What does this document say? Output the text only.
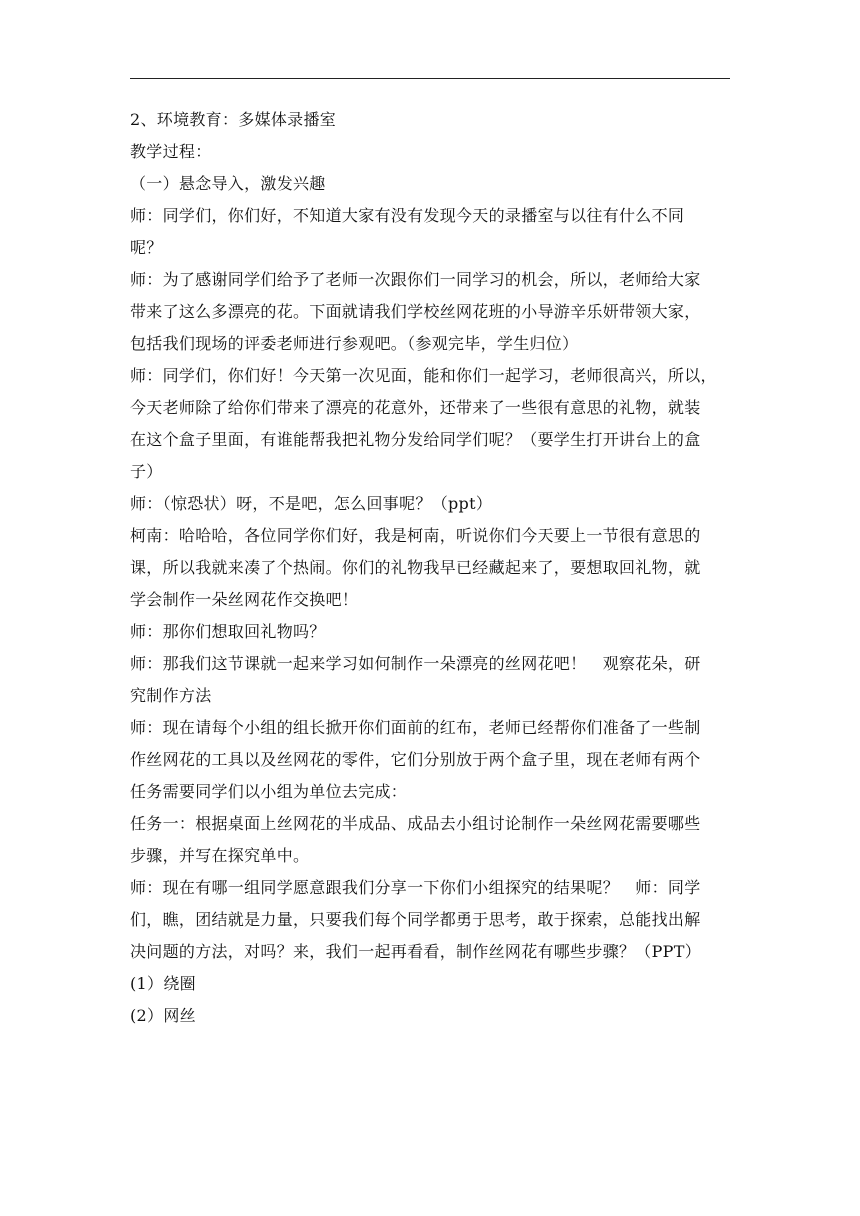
2、环境教育：多媒体录播室
教学过程：
（一）悬念导入，激发兴趣
师：同学们，你们好，不知道大家有没有发现今天的录播室与以往有什么不同
呢？
师：为了感谢同学们给予了老师一次跟你们一同学习的机会，所以，老师给大家
带来了这么多漂亮的花。下面就请我们学校丝网花班的小导游辛乐妍带领大家，
包括我们现场的评委老师进行参观吧。（参观完毕，学生归位）
师：同学们，你们好！今天第一次见面，能和你们一起学习，老师很高兴，所以，
今天老师除了给你们带来了漂亮的花意外，还带来了一些很有意思的礼物，就装
在这个盒子里面，有谁能帮我把礼物分发给同学们呢？（要学生打开讲台上的盒
子）
师：（惊恐状）呀，不是吧，怎么回事呢？（ppt）
柯南：哈哈哈，各位同学你们好，我是柯南，听说你们今天要上一节很有意思的
课，所以我就来凑了个热闹。你们的礼物我早已经藏起来了，要想取回礼物，就
学会制作一朵丝网花作交换吧！
师：那你们想取回礼物吗？
师：那我们这节课就一起来学习如何制作一朵漂亮的丝网花吧！　观察花朵，研
究制作方法
师：现在请每个小组的组长掀开你们面前的红布，老师已经帮你们准备了一些制
作丝网花的工具以及丝网花的零件，它们分别放于两个盒子里，现在老师有两个
任务需要同学们以小组为单位去完成：
任务一：根据桌面上丝网花的半成品、成品去小组讨论制作一朵丝网花需要哪些
步骤，并写在探究单中。
师：现在有哪一组同学愿意跟我们分享一下你们小组探究的结果呢？　师：同学
们，瞧，团结就是力量，只要我们每个同学都勇于思考，敢于探索，总能找出解
决问题的方法，对吗？来，我们一起再看看，制作丝网花有哪些步骤？（PPT）
(1）绕圈
(2）网丝
